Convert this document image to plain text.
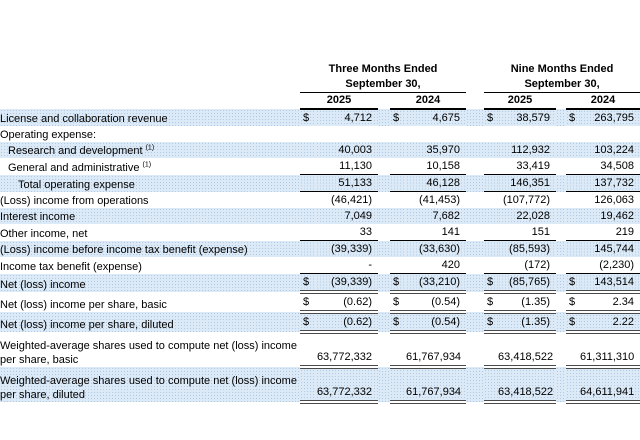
	Three Months Ended						Nine Months Ended				
	September 30,						September 30,				
	2025			2024			2025			2024	
License and collaboration revenue	$	4,712		$	4,675		$	38,579		$	263,795
Operating expense:											
Research and development $^{(1)}$		40,003			35,970			112,932			103,224
General and administrative $^{(1)}$		11,130			10,158			33,419			34,508
Total operating expense		51,133			46,128			146,351			137,732
(Loss) income from operations		(46,421)			(41,453)			(107,772)			126,063
Interest income		7,049			7,682			22,028			19,462
Other income, net		33			141			151			219
(Loss) income before income tax benefit (expense)		(39,339)			(33,630)			(85,593)			145,744
Income tax benefit (expense)		-			420			(172)			(2,230)
Net (loss) income	$	(39,339)		$	(33,210)		$	(85,765)		$	143,514
Net (loss) income per share, basic	$	(0.62)		$	(0.54)		$	(1.35)		$	2.34
Net (loss) income per share, diluted	$	(0.62)		$	(0.54)		$	(1.35)		$	2.22
Weighted-average shares used to compute net (loss) income per share, basic		63,772,332			61,767,934			63,418,522			61,311,310
Weighted-average shares used to compute net (loss) income per share, diluted		63,772,332			61,767,934			63,418,522			64,611,941
